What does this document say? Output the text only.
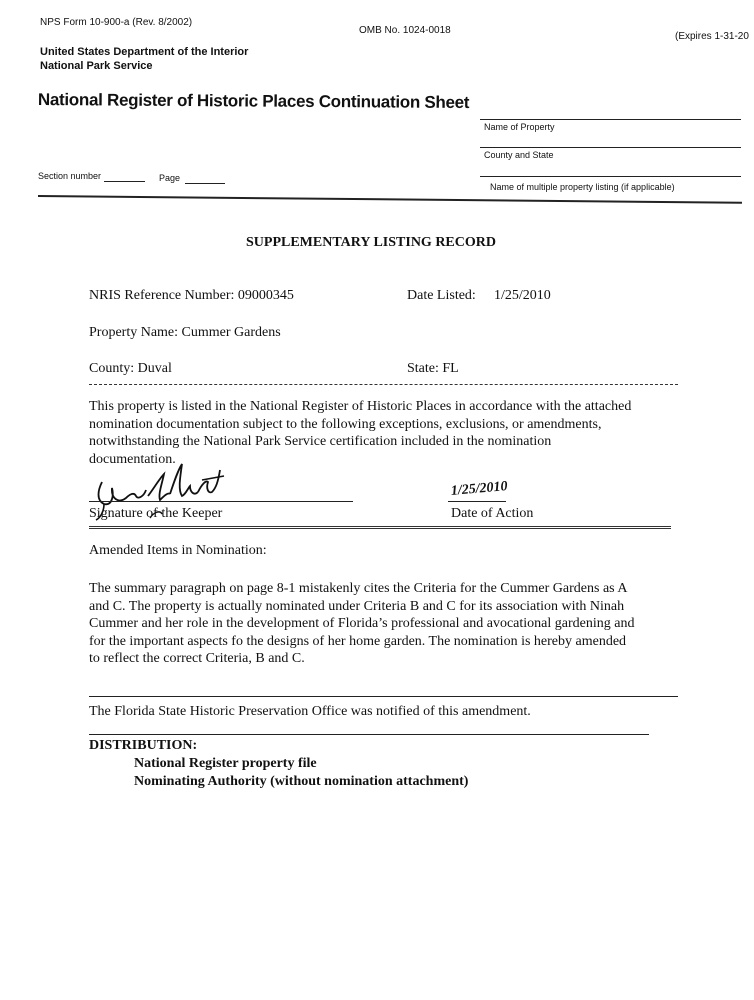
NPS Form 10-900-a (Rev. 8/2002)
OMB No. 1024-0018
(Expires 1-31-20
United States Department of the Interior
National Park Service
National Register of Historic Places Continuation Sheet
Name of Property
County and State
Name of multiple property listing (if applicable)
Section number	Page
SUPPLEMENTARY LISTING RECORD
NRIS Reference Number: 09000345	Date Listed: 1/25/2010
Property Name: Cummer Gardens
County: Duval	State: FL
This property is listed in the National Register of Historic Places in accordance with the attached
nomination documentation subject to the following exceptions, exclusions, or amendments,
notwithstanding the National Park Service certification included in the nomination
documentation.
Signature of the Keeper
1/25/2010
Date of Action
Amended Items in Nomination:
The summary paragraph on page 8-1 mistakenly cites the Criteria for the Cummer Gardens as A
and C. The property is actually nominated under Criteria B and C for its association with Ninah
Cummer and her role in the development of Florida’s professional and avocational gardening and
for the important aspects fo the designs of her home garden. The nomination is hereby amended
to reflect the correct Criteria, B and C.
The Florida State Historic Preservation Office was notified of this amendment.
DISTRIBUTION:
National Register property file
Nominating Authority (without nomination attachment)
